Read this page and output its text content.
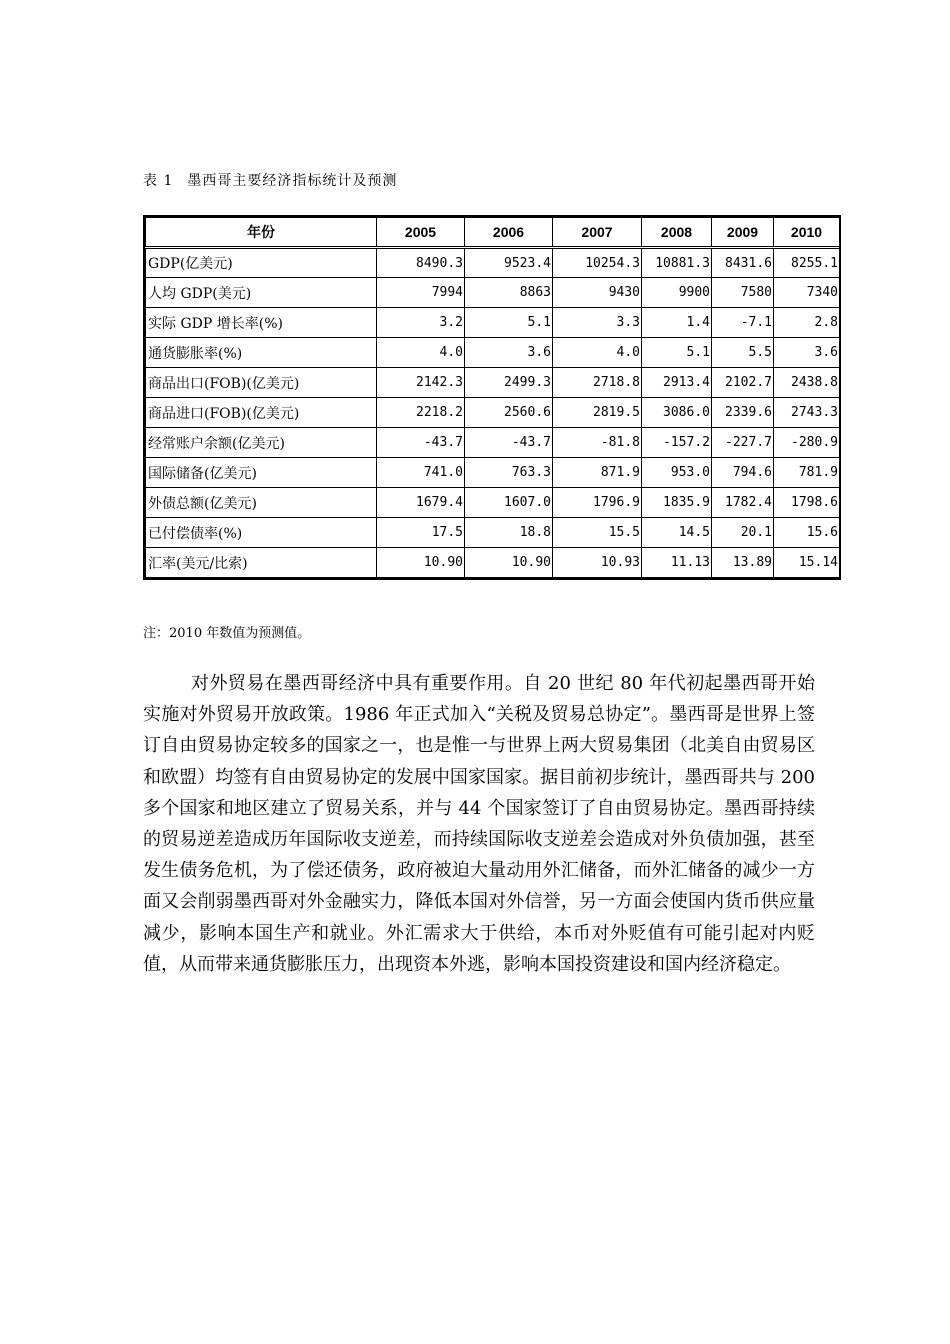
表 1 墨西哥主要经济指标统计及预测
年份	2005	2006	2007	2008	2009	2010
GDP(亿美元)	8490.3	9523.4	10254.3	10881.3	8431.6	8255.1
人均 GDP(美元)	7994	8863	9430	9900	7580	7340
实际 GDP 增长率(%)	3.2	5.1	3.3	1.4	-7.1	2.8
通货膨胀率(%)	4.0	3.6	4.0	5.1	5.5	3.6
商品出口(FOB)(亿美元)	2142.3	2499.3	2718.8	2913.4	2102.7	2438.8
商品进口(FOB)(亿美元)	2218.2	2560.6	2819.5	3086.0	2339.6	2743.3
经常账户余额(亿美元)	-43.7	-43.7	-81.8	-157.2	-227.7	-280.9
国际储备(亿美元)	741.0	763.3	871.9	953.0	794.6	781.9
外债总额(亿美元)	1679.4	1607.0	1796.9	1835.9	1782.4	1798.6
已付偿债率(%)	17.5	18.8	15.5	14.5	20.1	15.6
汇率(美元/比索)	10.90	10.90	10.93	11.13	13.89	15.14
注：2010 年数值为预测值。
对外贸易在墨西哥经济中具有重要作用。自 20 世纪 80 年代初起墨西哥开始实施对外贸易开放政策。1986 年正式加入“关税及贸易总协定”。墨西哥是世界上签订自由贸易协定较多的国家之一，也是惟一与世界上两大贸易集团（北美自由贸易区和欧盟）均签有自由贸易协定的发展中国家国家。据目前初步统计，墨西哥共与 200 多个国家和地区建立了贸易关系，并与 44 个国家签订了自由贸易协定。墨西哥持续的贸易逆差造成历年国际收支逆差，而持续国际收支逆差会造成对外负债加强，甚至发生债务危机，为了偿还债务，政府被迫大量动用外汇储备，而外汇储备的减少一方面又会削弱墨西哥对外金融实力，降低本国对外信誉，另一方面会使国内货币供应量减少，影响本国生产和就业。外汇需求大于供给，本币对外贬值有可能引起对内贬值，从而带来通货膨胀压力，出现资本外逃，影响本国投资建设和国内经济稳定。
